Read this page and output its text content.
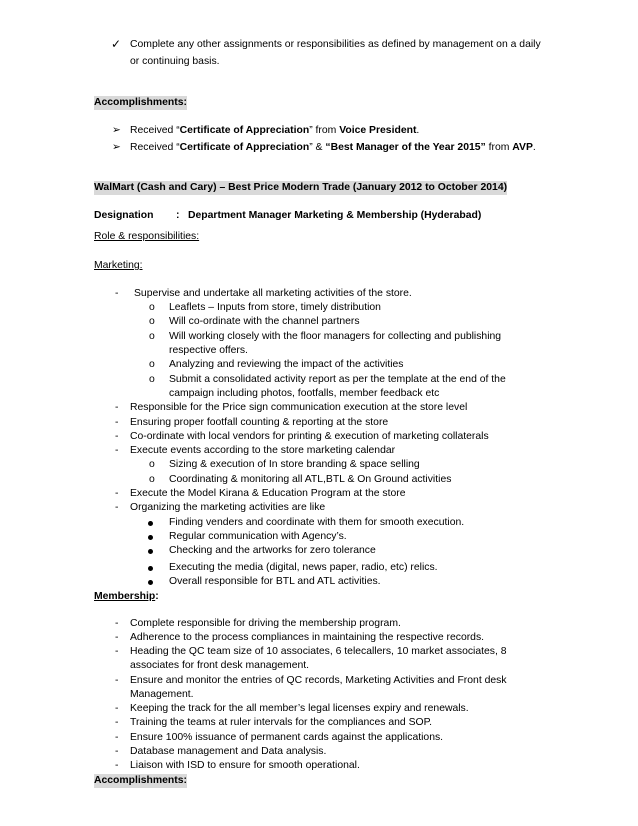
✓ Complete any other assignments or responsibilities as defined by management on a daily
or continuing basis.
Accomplishments:
➢ Received “Certificate of Appreciation” from Voice President.
➢ Received “Certificate of Appreciation” & “Best Manager of the Year 2015” from AVP.
WalMart (Cash and Cary) – Best Price Modern Trade (January 2012 to October 2014)
Designation : Department Manager Marketing & Membership (Hyderabad)
Role & responsibilities:
Marketing:
- Supervise and undertake all marketing activities of the store.
o Leaflets – Inputs from store, timely distribution
o Will co-ordinate with the channel partners
o Will working closely with the floor managers for collecting and publishing
respective offers.
o Analyzing and reviewing the impact of the activities
o Submit a consolidated activity report as per the template at the end of the
campaign including photos, footfalls, member feedback etc
- Responsible for the Price sign communication execution at the store level
- Ensuring proper footfall counting & reporting at the store
- Co-ordinate with local vendors for printing & execution of marketing collaterals
- Execute events according to the store marketing calendar
o Sizing & execution of In store branding & space selling
o Coordinating & monitoring all ATL,BTL & On Ground activities
- Execute the Model Kirana & Education Program at the store
- Organizing the marketing activities are like
Finding venders and coordinate with them for smooth execution.
Regular communication with Agency’s.
Checking and the artworks for zero tolerance
Executing the media (digital, news paper, radio, etc) relics.
Overall responsible for BTL and ATL activities.
Membership:
- Complete responsible for driving the membership program.
- Adherence to the process compliances in maintaining the respective records.
- Heading the QC team size of 10 associates, 6 telecallers, 10 market associates, 8
associates for front desk management.
- Ensure and monitor the entries of QC records, Marketing Activities and Front desk
Management.
- Keeping the track for the all member’s legal licenses expiry and renewals.
- Training the teams at ruler intervals for the compliances and SOP.
- Ensure 100% issuance of permanent cards against the applications.
- Database management and Data analysis.
- Liaison with ISD to ensure for smooth operational.
Accomplishments:
